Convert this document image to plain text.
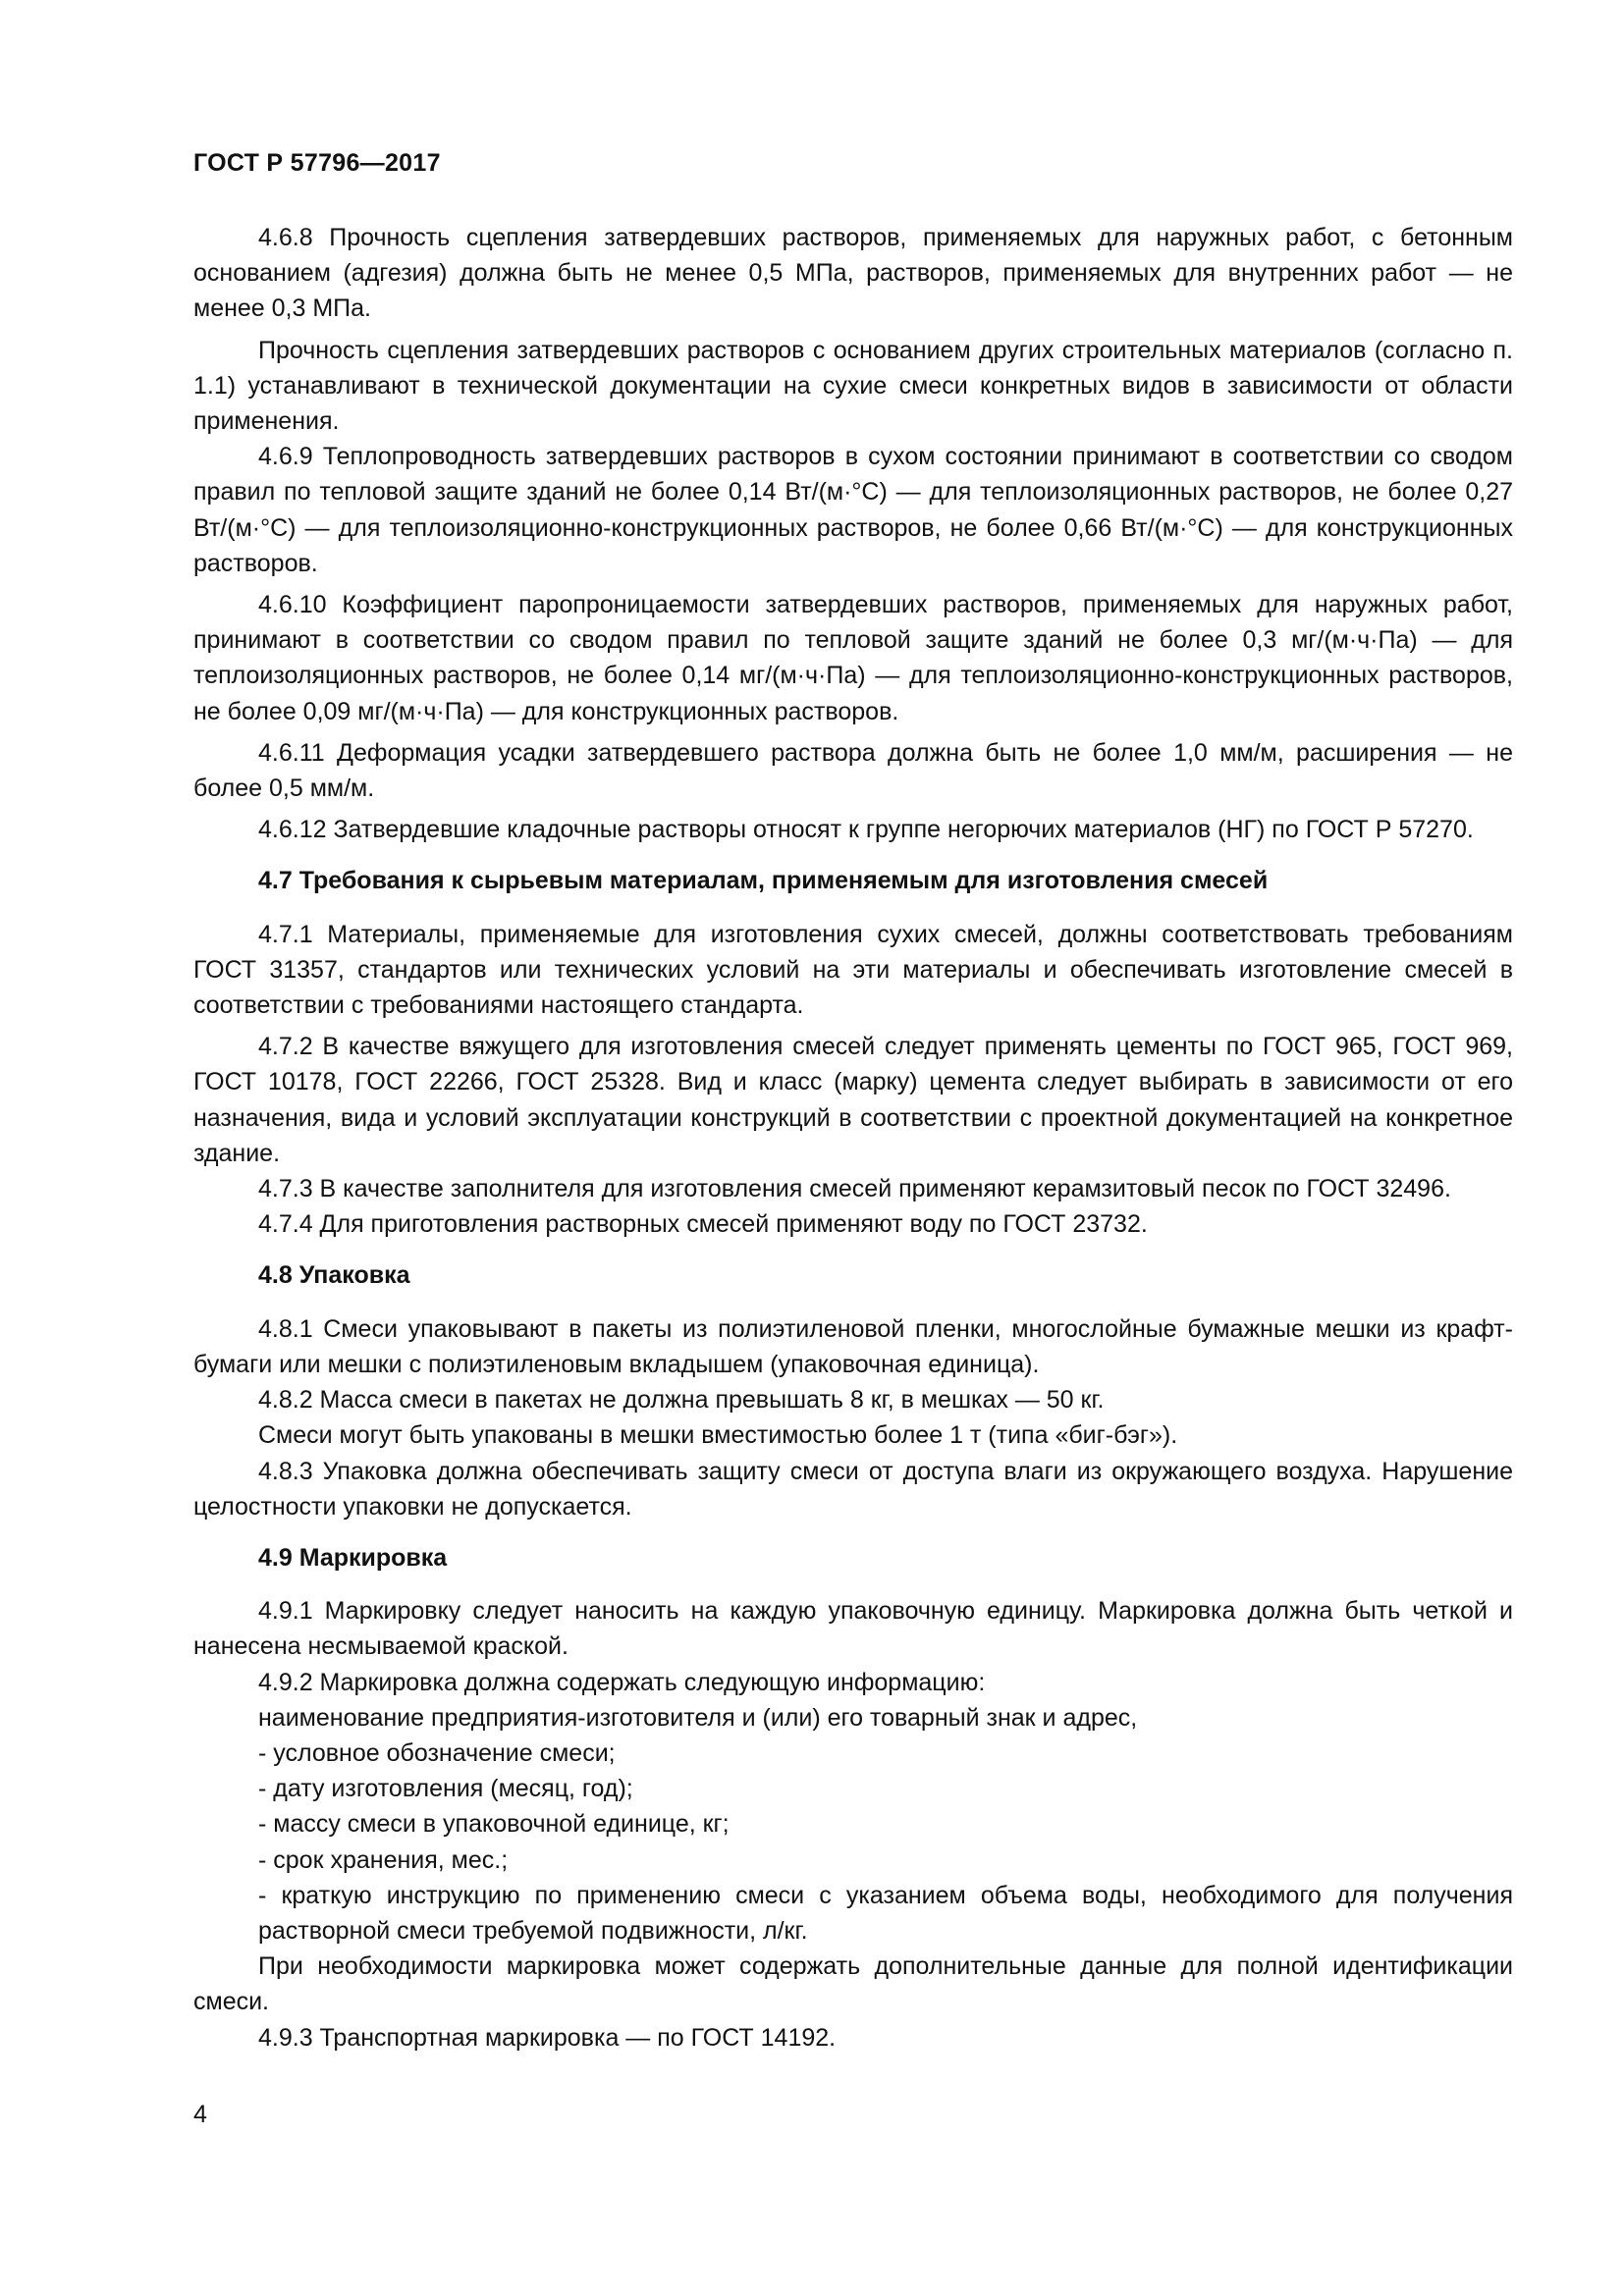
ГОСТ Р 57796—2017

4.6.8 Прочность сцепления затвердевших растворов, применяемых для наружных работ, с бетонным основанием (адгезия) должна быть не менее 0,5 МПа, растворов, применяемых для внутренних работ — не менее 0,3 МПа.

Прочность сцепления затвердевших растворов с основанием других строительных материалов (согласно п. 1.1) устанавливают в технической документации на сухие смеси конкретных видов в зависимости от области применения.

4.6.9 Теплопроводность затвердевших растворов в сухом состоянии принимают в соответствии со сводом правил по тепловой защите зданий не более 0,14 Вт/(м·°С) — для теплоизоляционных растворов, не более 0,27 Вт/(м·°С) — для теплоизоляционно-конструкционных растворов, не более 0,66 Вт/(м·°С) — для конструкционных растворов.

4.6.10 Коэффициент паропроницаемости затвердевших растворов, применяемых для наружных работ, принимают в соответствии со сводом правил по тепловой защите зданий не более 0,3 мг/(м·ч·Па) — для теплоизоляционных растворов, не более 0,14 мг/(м·ч·Па) — для теплоизоляционно-конструкционных растворов, не более 0,09 мг/(м·ч·Па) — для конструкционных растворов.

4.6.11 Деформация усадки затвердевшего раствора должна быть не более 1,0 мм/м, расширения — не более 0,5 мм/м.

4.6.12 Затвердевшие кладочные растворы относят к группе негорючих материалов (НГ) по ГОСТ Р 57270.

4.7 Требования к сырьевым материалам, применяемым для изготовления смесей

4.7.1 Материалы, применяемые для изготовления сухих смесей, должны соответствовать требованиям ГОСТ 31357, стандартов или технических условий на эти материалы и обеспечивать изготовление смесей в соответствии с требованиями настоящего стандарта.

4.7.2 В качестве вяжущего для изготовления смесей следует применять цементы по ГОСТ 965, ГОСТ 969, ГОСТ 10178, ГОСТ 22266, ГОСТ 25328. Вид и класс (марку) цемента следует выбирать в зависимости от его назначения, вида и условий эксплуатации конструкций в соответствии с проектной документацией на конкретное здание.

4.7.3 В качестве заполнителя для изготовления смесей применяют керамзитовый песок по ГОСТ 32496.

4.7.4 Для приготовления растворных смесей применяют воду по ГОСТ 23732.

4.8 Упаковка

4.8.1 Смеси упаковывают в пакеты из полиэтиленовой пленки, многослойные бумажные мешки из крафт-бумаги или мешки с полиэтиленовым вкладышем (упаковочная единица).

4.8.2 Масса смеси в пакетах не должна превышать 8 кг, в мешках — 50 кг.

Смеси могут быть упакованы в мешки вместимостью более 1 т (типа «биг-бэг»).

4.8.3 Упаковка должна обеспечивать защиту смеси от доступа влаги из окружающего воздуха. Нарушение целостности упаковки не допускается.

4.9 Маркировка

4.9.1 Маркировку следует наносить на каждую упаковочную единицу. Маркировка должна быть четкой и нанесена несмываемой краской.

4.9.2 Маркировка должна содержать следующую информацию:

наименование предприятия-изготовителя и (или) его товарный знак и адрес,
- условное обозначение смеси;
- дату изготовления (месяц, год);
- массу смеси в упаковочной единице, кг;
- срок хранения, мес.;
- краткую инструкцию по применению смеси с указанием объема воды, необходимого для получения растворной смеси требуемой подвижности, л/кг.

При необходимости маркировка может содержать дополнительные данные для полной идентификации смеси.

4.9.3 Транспортная маркировка — по ГОСТ 14192.

4
